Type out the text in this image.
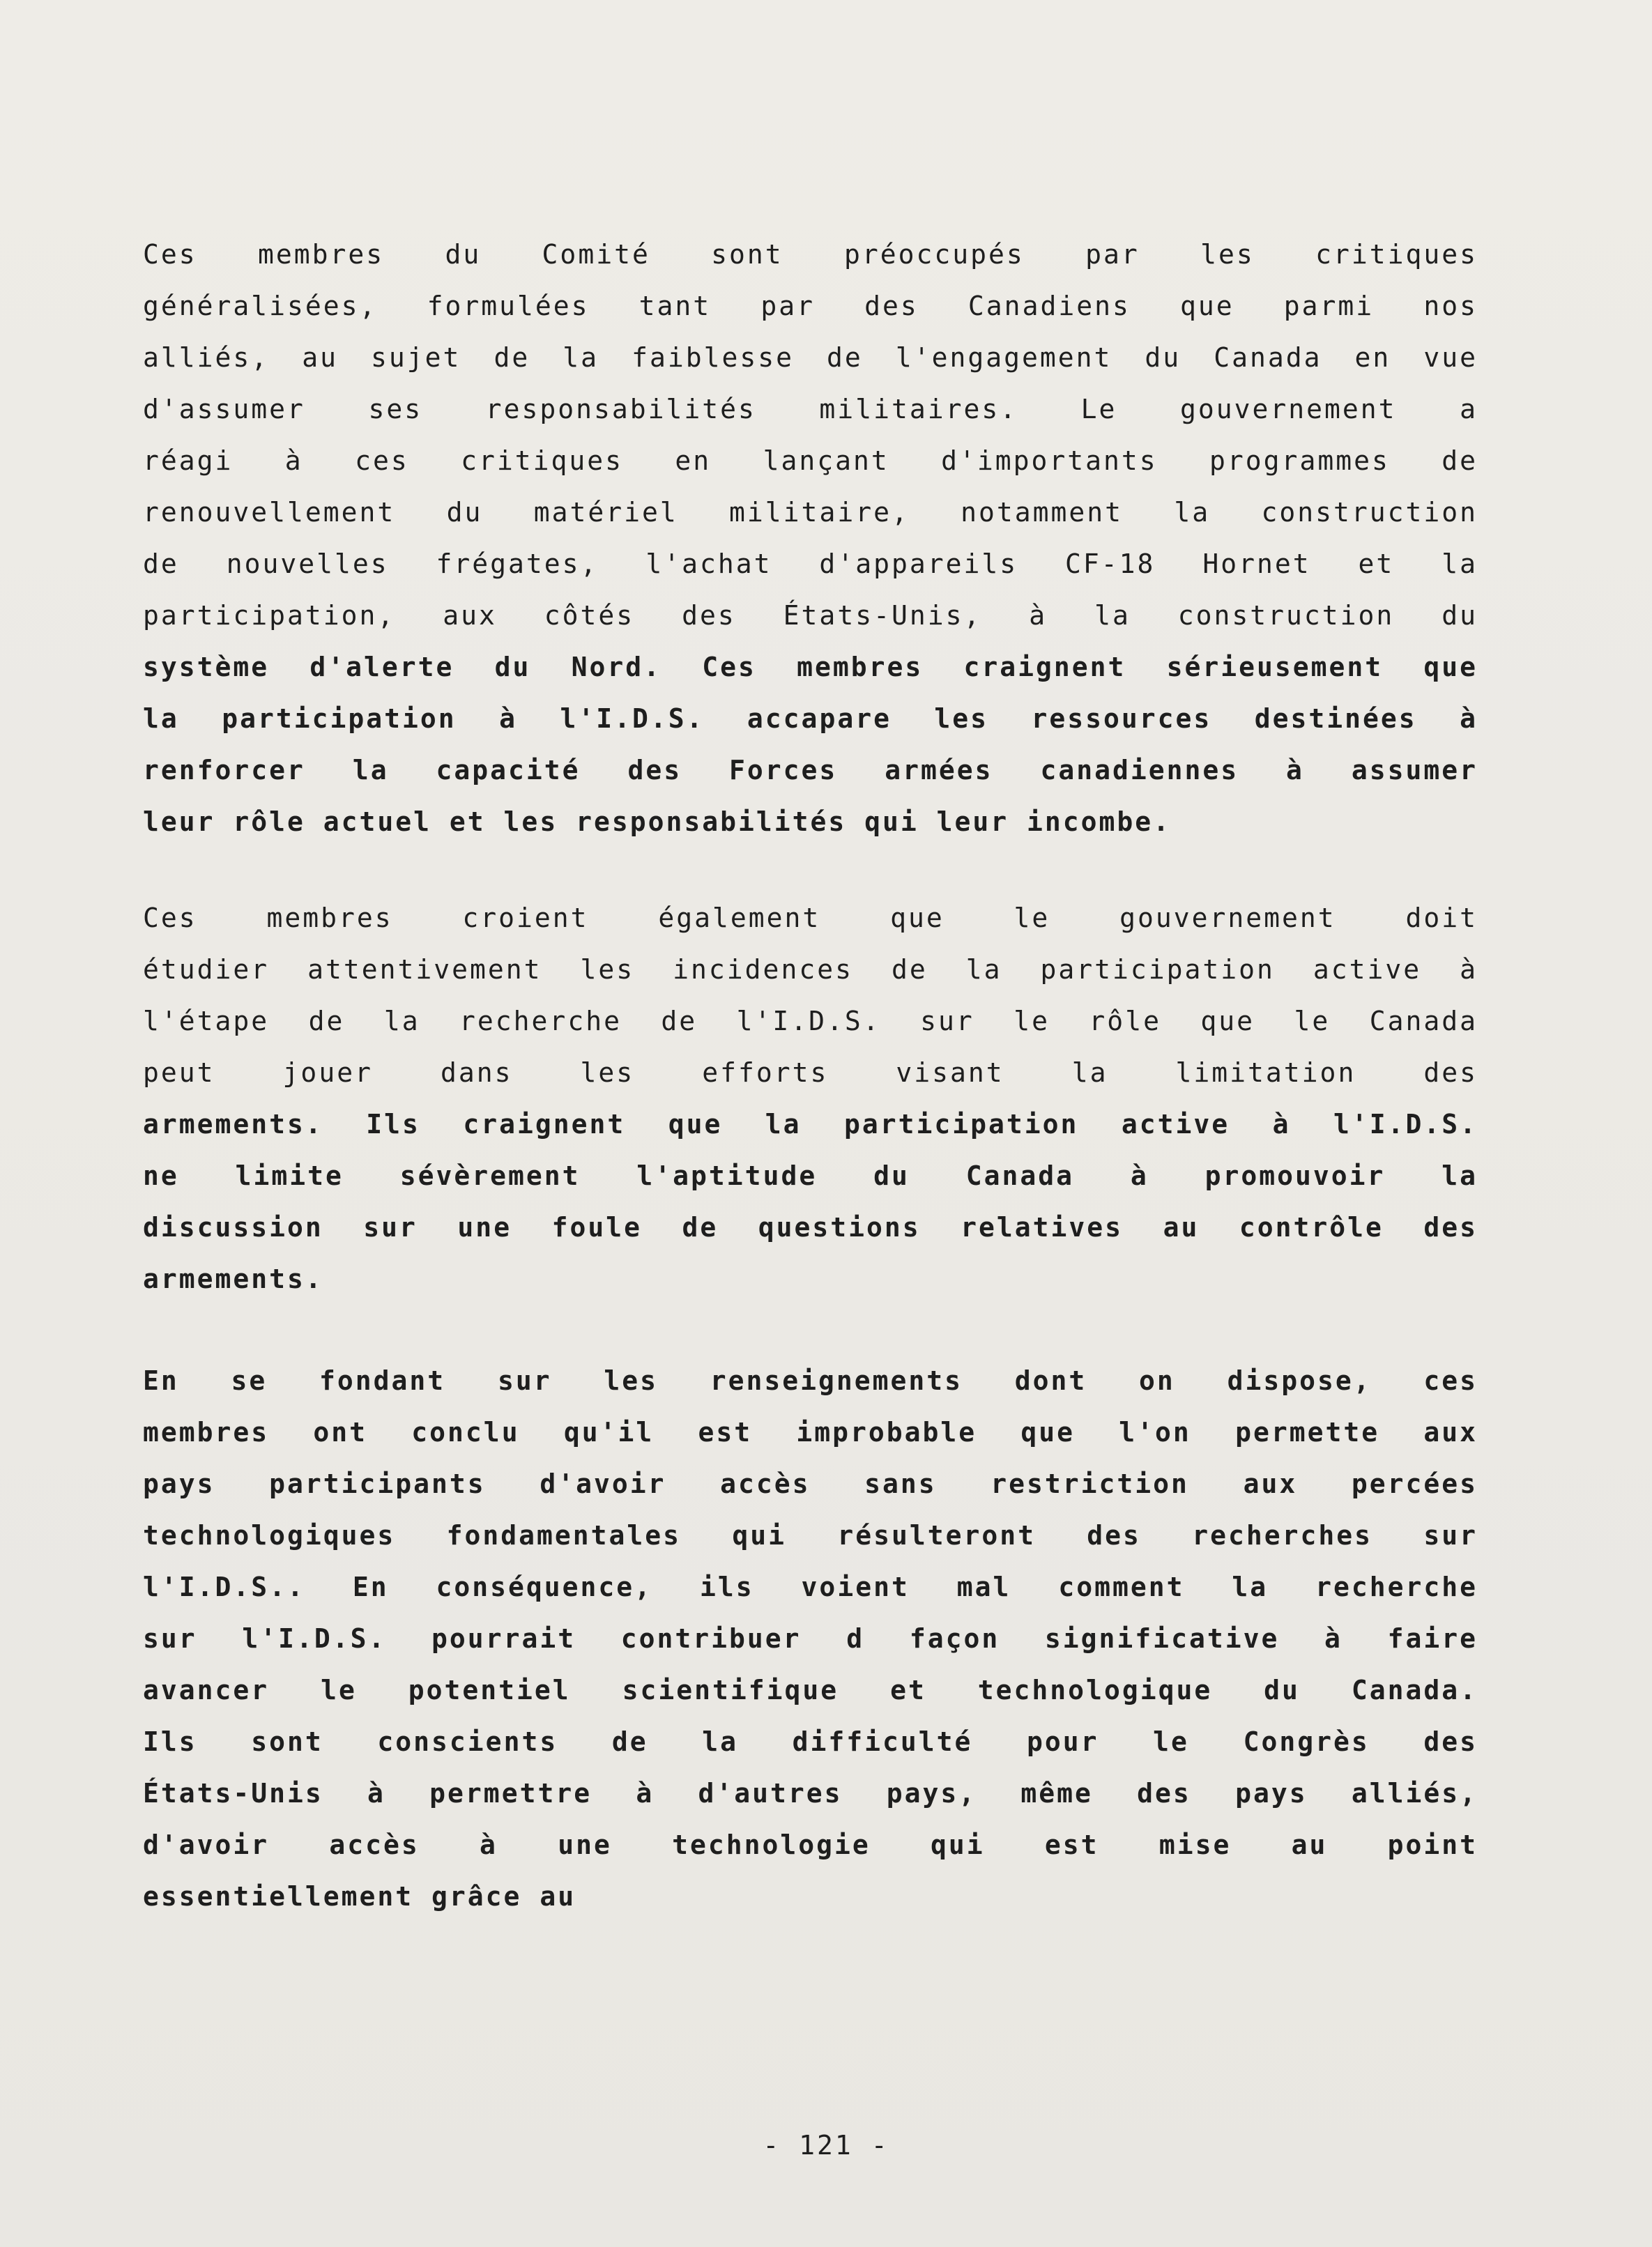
Ces membres du Comité sont préoccupés par les critiques
généralisées, formulées tant par des Canadiens que parmi nos
alliés, au sujet de la faiblesse de l'engagement du Canada en vue
d'assumer ses responsabilités militaires. Le gouvernement a
réagi à ces critiques en lançant d'importants programmes de
renouvellement du matériel militaire, notamment la construction
de nouvelles frégates, l'achat d'appareils CF-18 Hornet et la
participation, aux côtés des États-Unis, à la construction du
système d'alerte du Nord. Ces membres craignent sérieusement que
la participation à l'I.D.S. accapare les ressources destinées à
renforcer la capacité des Forces armées canadiennes à assumer
leur rôle actuel et les responsabilités qui leur incombe.
Ces membres croient également que le gouvernement doit
étudier attentivement les incidences de la participation active à
l'étape de la recherche de l'I.D.S. sur le rôle que le Canada
peut jouer dans les efforts visant la limitation des
armements. Ils craignent que la participation active à l'I.D.S.
ne limite sévèrement l'aptitude du Canada à promouvoir la
discussion sur une foule de questions relatives au contrôle des
armements.
En se fondant sur les renseignements dont on dispose, ces
membres ont conclu qu'il est improbable que l'on permette aux
pays participants d'avoir accès sans restriction aux percées
technologiques fondamentales qui résulteront des recherches sur
l'I.D.S.. En conséquence, ils voient mal comment la recherche
sur l'I.D.S. pourrait contribuer d façon significative à faire
avancer le potentiel scientifique et technologique du Canada.
Ils sont conscients de la difficulté pour le Congrès des
États-Unis à permettre à d'autres pays, même des pays alliés,
d'avoir accès à une technologie qui est mise au point
essentiellement grâce au
- 121 -
